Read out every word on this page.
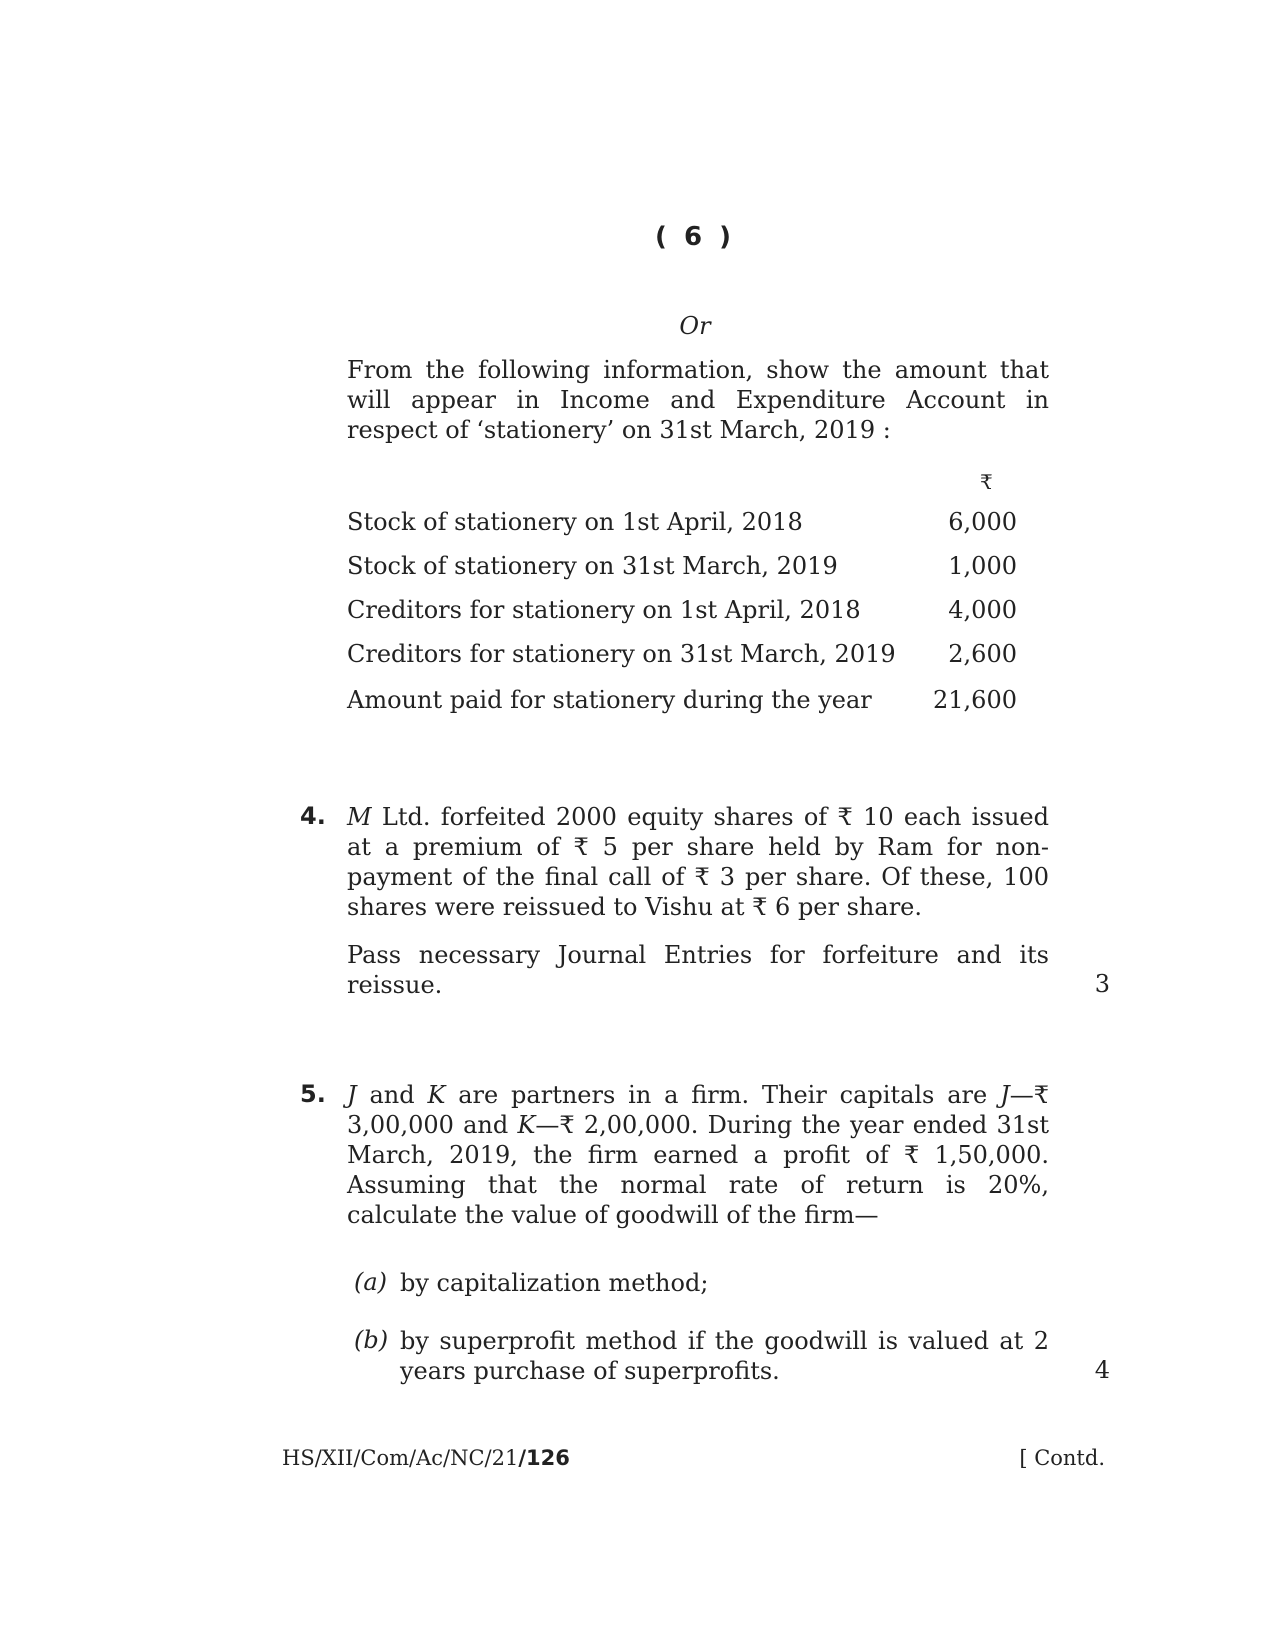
( 6 )
Or
From the following information, show the amount that will appear in Income and Expenditure Account in respect of ‘stationery’ on 31st March, 2019 :
₹
Stock of stationery on 1st April, 2018	6,000
Stock of stationery on 31st March, 2019	1,000
Creditors for stationery on 1st April, 2018	4,000
Creditors for stationery on 31st March, 2019 2,600
Amount paid for stationery during the year	21,600
4. M Ltd. forfeited 2000 equity shares of ₹ 10 each issued at a premium of ₹ 5 per share held by Ram for non-payment of the final call of ₹ 3 per share. Of these, 100 shares were reissued to Vishu at ₹ 6 per share.
Pass necessary Journal Entries for forfeiture and its reissue.	3
5. J and K are partners in a firm. Their capitals are J—₹ 3,00,000 and K—₹ 2,00,000. During the year ended 31st March, 2019, the firm earned a profit of ₹ 1,50,000. Assuming that the normal rate of return is 20%, calculate the value of goodwill of the firm—
(a) by capitalization method;
(b) by superprofit method if the goodwill is valued at 2 years purchase of superprofits.	4
HS/XII/Com/Ac/NC/21/126	[ Contd.
